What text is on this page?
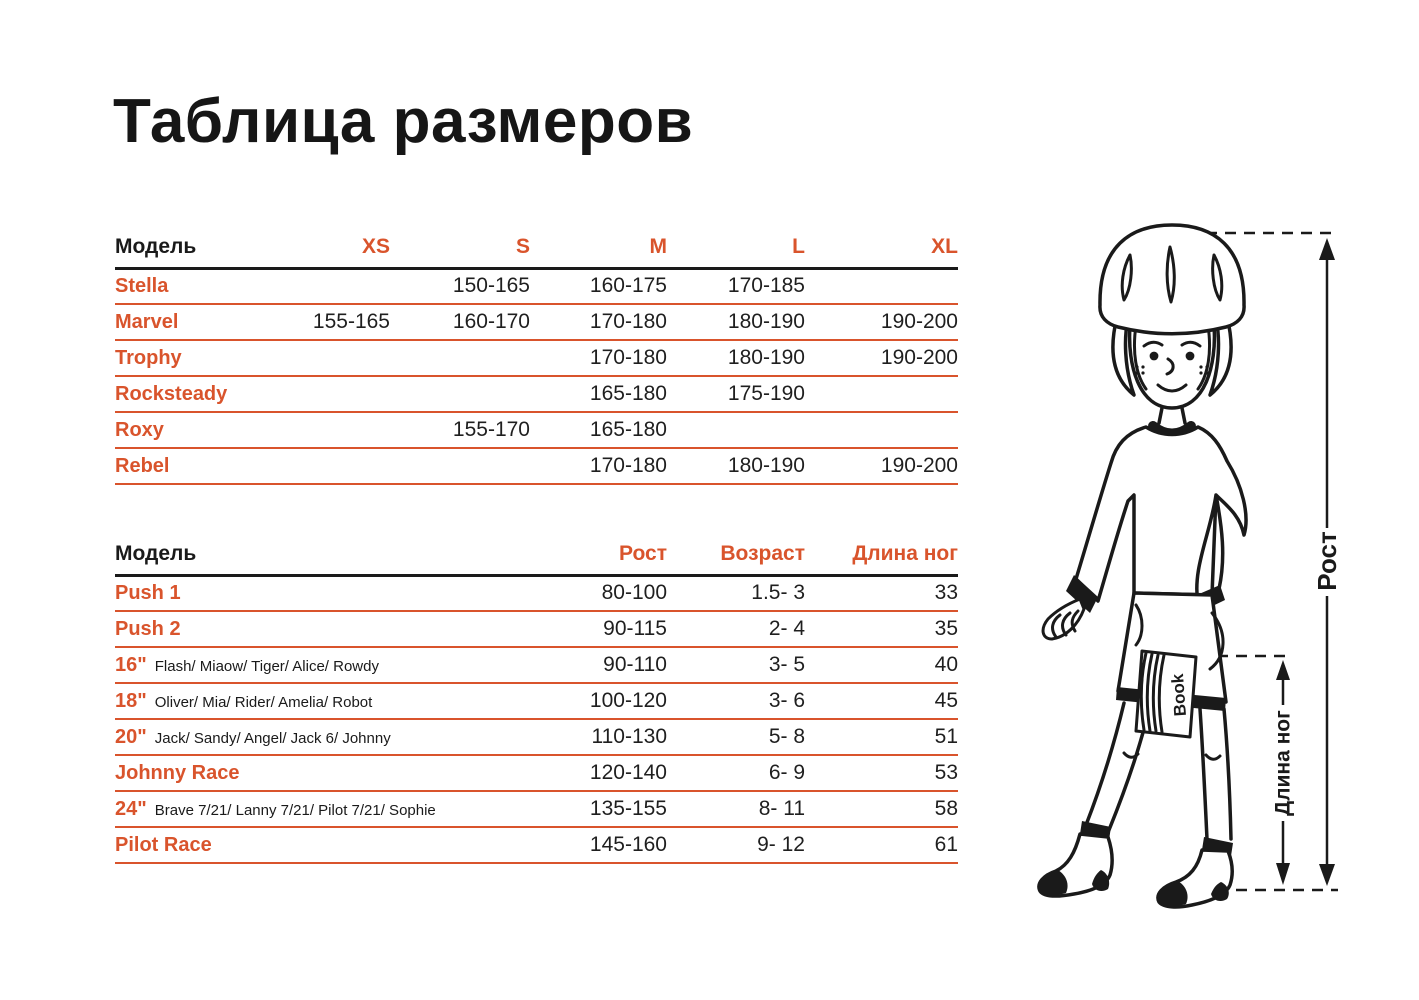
Таблица размеров
Модель	XS	S	M	L	XL
Stella		150-165	160-175	170-185	
Marvel	155-165	160-170	170-180	180-190	190-200
Trophy			170-180	180-190	190-200
Rocksteady			165-180	175-190	
Roxy		155-170	165-180		
Rebel			170-180	180-190	190-200
Модель	Рост	Возраст	Длина ног
Push 1	80-100	1.5- 3	33
Push 2	90-115	2- 4	35
16" Flash/ Miaow/ Tiger/ Alice/ Rowdy	90-110	3- 5	40
18" Oliver/ Mia/ Rider/ Amelia/ Robot	100-120	3- 6	45
20" Jack/ Sandy/ Angel/ Jack 6/ Johnny	110-130	5- 8	51
Johnny Race	120-140	6- 9	53
24" Brave 7/21/ Lanny 7/21/ Pilot 7/21/ Sophie	135-155	8- 11	58
Pilot Race	145-160	9- 12	61
Рост
Длина ног
Book
